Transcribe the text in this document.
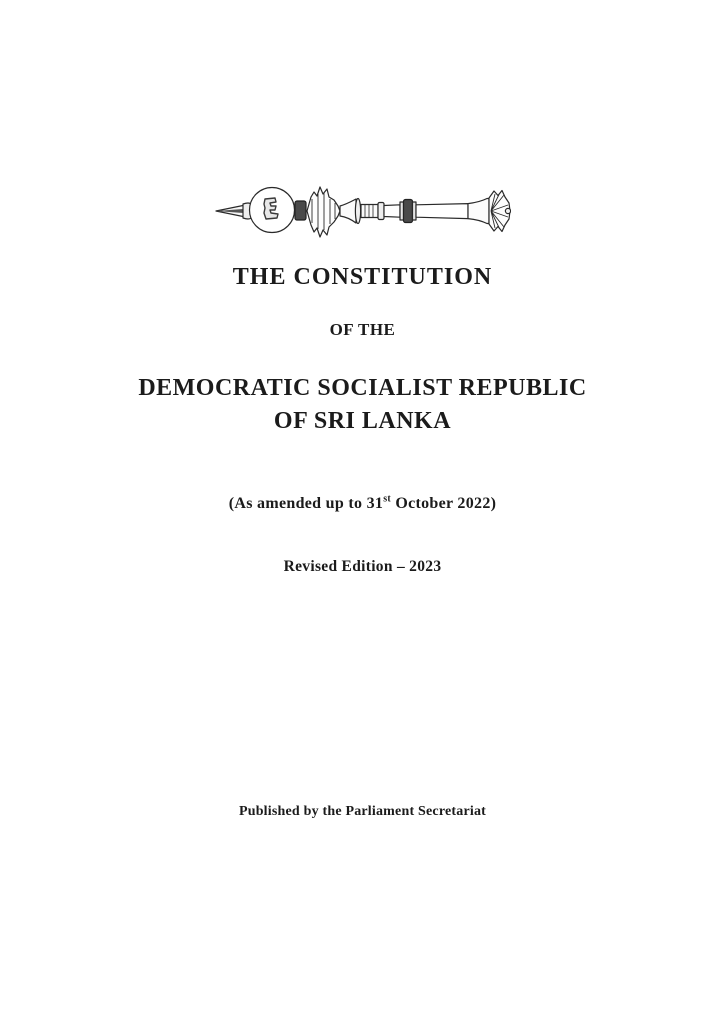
THE CONSTITUTION
OF THE
DEMOCRATIC SOCIALIST REPUBLIC
OF SRI LANKA
(As amended up to 31st October 2022)
Revised Edition – 2023
Published by the Parliament Secretariat
